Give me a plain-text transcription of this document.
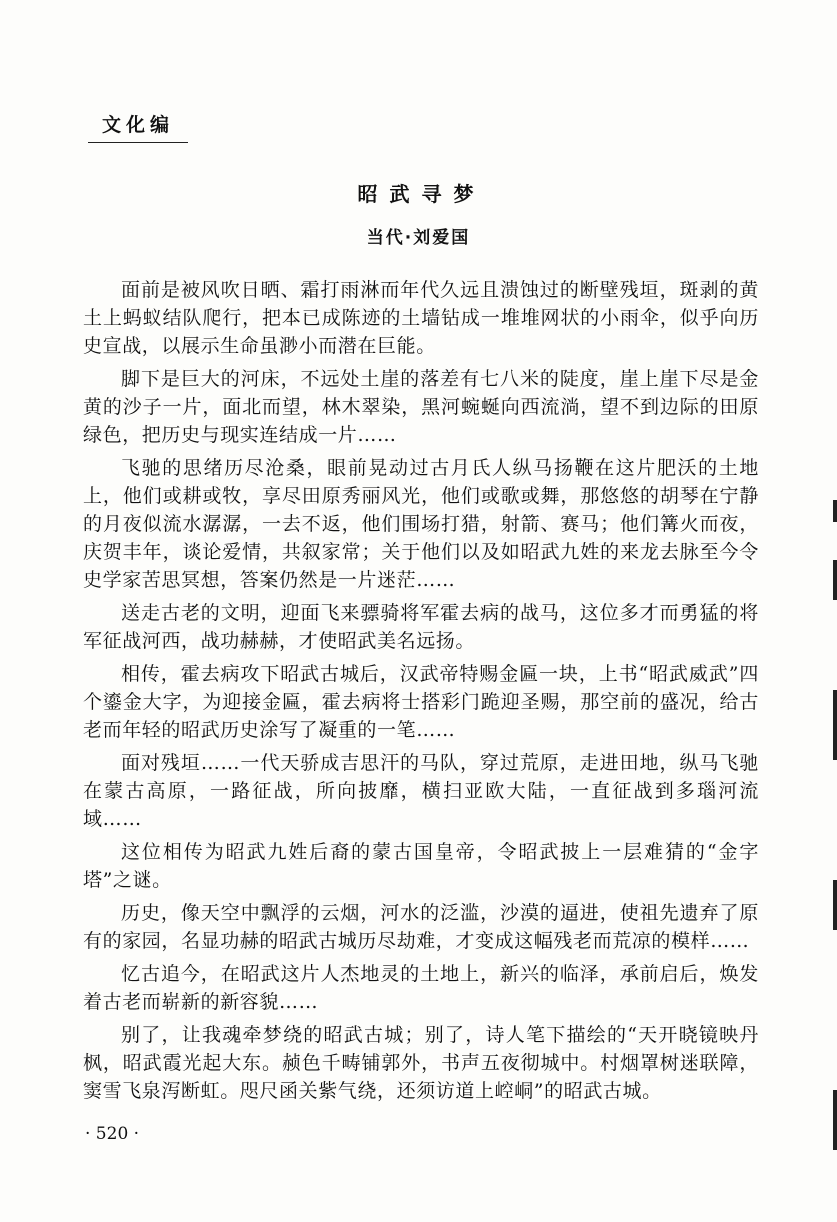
文化编
昭武寻梦
当代·刘爱国

面前是被风吹日晒、霜打雨淋而年代久远且溃蚀过的断壁残垣，斑剥的黄土上蚂蚁结队爬行，把本已成陈迹的土墙钻成一堆堆网状的小雨伞，似乎向历史宣战，以展示生命虽渺小而潜在巨能。

脚下是巨大的河床，不远处土崖的落差有七八米的陡度，崖上崖下尽是金黄的沙子一片，面北而望，林木翠染，黑河蜿蜒向西流淌，望不到边际的田原绿色，把历史与现实连结成一片……

飞驰的思绪历尽沧桑，眼前晃动过古月氏人纵马扬鞭在这片肥沃的土地上，他们或耕或牧，享尽田原秀丽风光，他们或歌或舞，那悠悠的胡琴在宁静的月夜似流水潺潺，一去不返，他们围场打猎，射箭、赛马；他们篝火而夜，庆贺丰年，谈论爱情，共叙家常；关于他们以及如昭武九姓的来龙去脉至今令史学家苦思冥想，答案仍然是一片迷茫……

送走古老的文明，迎面飞来骠骑将军霍去病的战马，这位多才而勇猛的将军征战河西，战功赫赫，才使昭武美名远扬。

相传，霍去病攻下昭武古城后，汉武帝特赐金匾一块，上书“昭武威武”四个鎏金大字，为迎接金匾，霍去病将士搭彩门跪迎圣赐，那空前的盛况，给古老而年轻的昭武历史涂写了凝重的一笔……

面对残垣……一代天骄成吉思汗的马队，穿过荒原，走进田地，纵马飞驰在蒙古高原，一路征战，所向披靡，横扫亚欧大陆，一直征战到多瑙河流域……

这位相传为昭武九姓后裔的蒙古国皇帝，令昭武披上一层难猜的“金字塔”之谜。

历史，像天空中飘浮的云烟，河水的泛滥，沙漠的逼进，使祖先遗弃了原有的家园，名显功赫的昭武古城历尽劫难，才变成这幅残老而荒凉的模样……

忆古追今，在昭武这片人杰地灵的土地上，新兴的临泽，承前启后，焕发着古老而崭新的新容貌……

别了，让我魂牵梦绕的昭武古城；别了，诗人笔下描绘的“天开晓镜映丹枫，昭武霞光起大东。赪色千畴铺郭外，书声五夜彻城中。村烟罩树迷联障，窦雪飞泉泻断虹。咫尺函关紫气绕，还须访道上崆峒”的昭武古城。

· 520 ·
